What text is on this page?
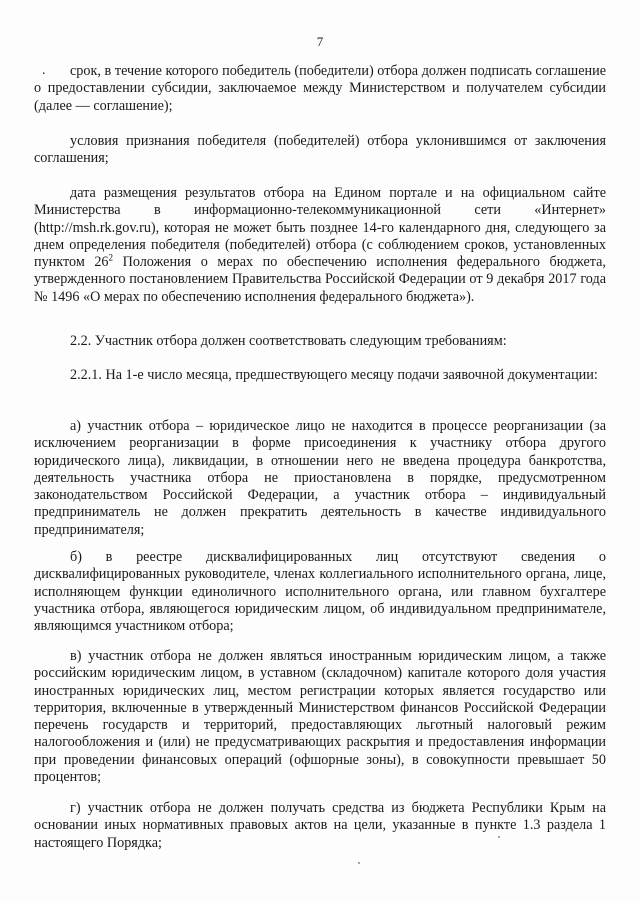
7
.	срок, в течение которого победитель (победители) отбора должен подписать соглашение о предоставлении субсидии, заключаемое между Министерством и получателем субсидии (далее — соглашение);

условия признания победителя (победителей) отбора уклонившимся от заключения соглашения;

дата размещения результатов отбора на Едином портале и на официальном сайте Министерства в информационно-телекоммуникационной сети «Интернет» (http://msh.rk.gov.ru), которая не может быть позднее 14-го календарного дня, следующего за днем определения победителя (победителей) отбора (с соблюдением сроков, установленных пунктом $26^2$ Положения о мерах по обеспечению исполнения федерального бюджета, утвержденного постановлением Правительства Российской Федерации от 9 декабря 2017 года № 1496 «О мерах по обеспечению исполнения федерального бюджета»).

2.2. Участник отбора должен соответствовать следующим требованиям:

2.2.1. На 1-е число месяца, предшествующего месяцу подачи заявочной документации:

а) участник отбора – юридическое лицо не находится в процессе реорганизации (за исключением реорганизации в форме присоединения к участнику отбора другого юридического лица), ликвидации, в отношении него не введена процедура банкротства, деятельность участника отбора не приостановлена в порядке, предусмотренном законодательством Российской Федерации, а участник отбора – индивидуальный предприниматель не должен прекратить деятельность в качестве индивидуального предпринимателя;

б) в реестре дисквалифицированных лиц отсутствуют сведения о дисквалифицированных руководителе, членах коллегиального исполнительного органа, лице, исполняющем функции единоличного исполнительного органа, или главном бухгалтере участника отбора, являющегося юридическим лицом, об индивидуальном предпринимателе, являющимся участником отбора;

в) участник отбора не должен являться иностранным юридическим лицом, а также российским юридическим лицом, в уставном (складочном) капитале которого доля участия иностранных юридических лиц, местом регистрации которых является государство или территория, включенные в утвержденный Министерством финансов Российской Федерации перечень государств и территорий, предоставляющих льготный налоговый режим налогообложения и (или) не предусматривающих раскрытия и предоставления информации при проведении финансовых операций (офшорные зоны), в совокупности превышает 50 процентов;

г) участник отбора не должен получать средства из бюджета Республики Крым на основании иных нормативных правовых актов на цели, указанные в пункте 1.3 раздела 1 настоящего Порядка;
